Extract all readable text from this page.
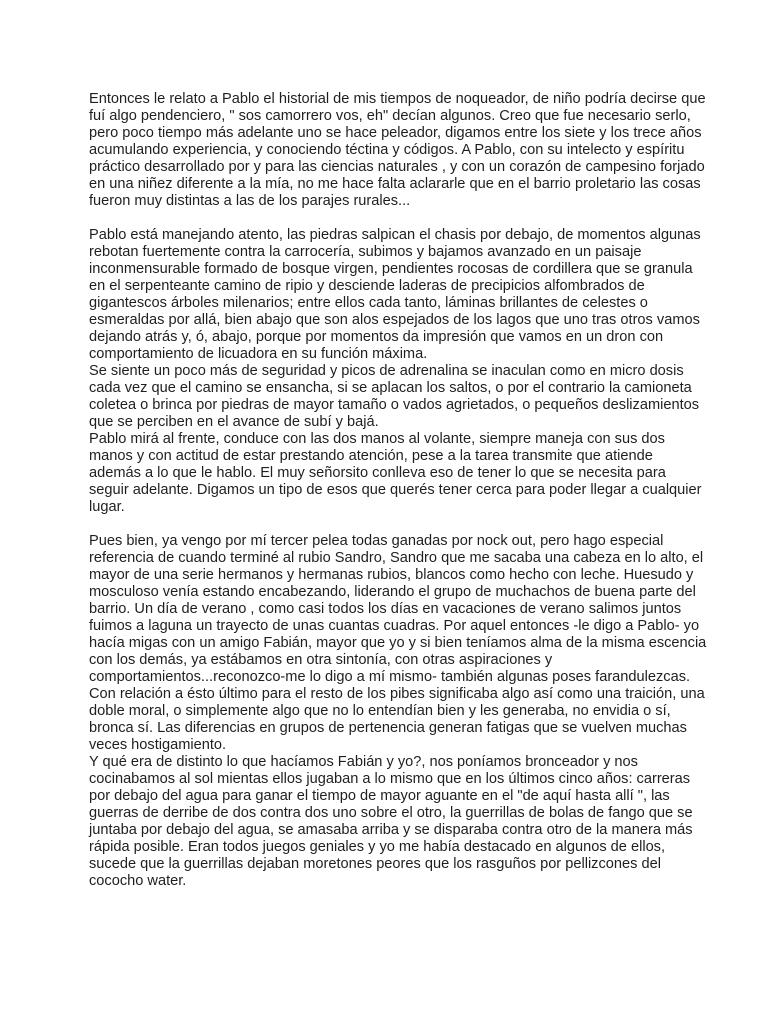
Entonces le relato a Pablo el historial de mis tiempos de noqueador, de niño podría decirse que
fuí algo pendenciero, " sos camorrero vos, eh" decían algunos. Creo que fue necesario serlo,
pero poco tiempo más adelante uno se hace peleador, digamos entre los siete y los trece años
acumulando experiencia, y conociendo téctina y códigos. A Pablo, con su intelecto y espíritu
práctico desarrollado por y para las ciencias naturales , y con un corazón de campesino forjado
en una niñez diferente a la mía, no me hace falta aclararle que en el barrio proletario las cosas
fueron muy distintas a las de los parajes rurales...
Pablo está manejando atento, las piedras salpican el chasis por debajo, de momentos algunas
rebotan fuertemente contra la carrocería, subimos y bajamos avanzado en un paisaje
inconmensurable formado de bosque virgen, pendientes rocosas de cordillera que se granula
en el serpenteante camino de ripio y desciende laderas de precipicios alfombrados de
gigantescos árboles milenarios; entre ellos cada tanto, láminas brillantes de celestes o
esmeraldas por allá, bien abajo que son alos espejados de los lagos que uno tras otros vamos
dejando atrás y, ó, abajo, porque por momentos da impresión que vamos en un dron con
comportamiento de licuadora en su función máxima.
Se siente un poco más de seguridad y picos de adrenalina se inaculan como en micro dosis
cada vez que el camino se ensancha, si se aplacan los saltos, o por el contrario la camioneta
coletea o brinca por piedras de mayor tamaño o vados agrietados, o pequeños deslizamientos
que se perciben en el avance de subí y bajá.
Pablo mirá al frente, conduce con las dos manos al volante, siempre maneja con sus dos
manos y con actitud de estar prestando atención, pese a la tarea transmite que atiende
además a lo que le hablo. El muy señorsito conlleva eso de tener lo que se necesita para
seguir adelante. Digamos un tipo de esos que querés tener cerca para poder llegar a cualquier
lugar.
Pues bien, ya vengo por mí tercer pelea todas ganadas por nock out, pero hago especial
referencia de cuando terminé al rubio Sandro, Sandro que me sacaba una cabeza en lo alto, el
mayor de una serie hermanos y hermanas rubios, blancos como hecho con leche. Huesudo y
mosculoso venía estando encabezando, liderando el grupo de muchachos de buena parte del
barrio. Un día de verano , como casi todos los días en vacaciones de verano salimos juntos
fuimos a laguna un trayecto de unas cuantas cuadras. Por aquel entonces -le digo a Pablo- yo
hacía migas con un amigo Fabián, mayor que yo y si bien teníamos alma de la misma escencia
con los demás, ya estábamos en otra sintonía, con otras aspiraciones y
comportamientos...reconozco-me lo digo a mí mismo- también algunas poses farandulezcas.
Con relación a ésto último para el resto de los pibes significaba algo así como una traición, una
doble moral, o simplemente algo que no lo entendían bien y les generaba, no envidia o sí,
bronca sí. Las diferencias en grupos de pertenencia generan fatigas que se vuelven muchas
veces hostigamiento.
Y qué era de distinto lo que hacíamos Fabián y yo?, nos poníamos bronceador y nos
cocinabamos al sol mientas ellos jugaban a lo mismo que en los últimos cinco años: carreras
por debajo del agua para ganar el tiempo de mayor aguante en el "de aquí hasta allí ", las
guerras de derribe de dos contra dos uno sobre el otro, la guerrillas de bolas de fango que se
juntaba por debajo del agua, se amasaba arriba y se disparaba contra otro de la manera más
rápida posible. Eran todos juegos geniales y yo me había destacado en algunos de ellos,
sucede que la guerrillas dejaban moretones peores que los rasguños por pellizcones del
cococho water.
